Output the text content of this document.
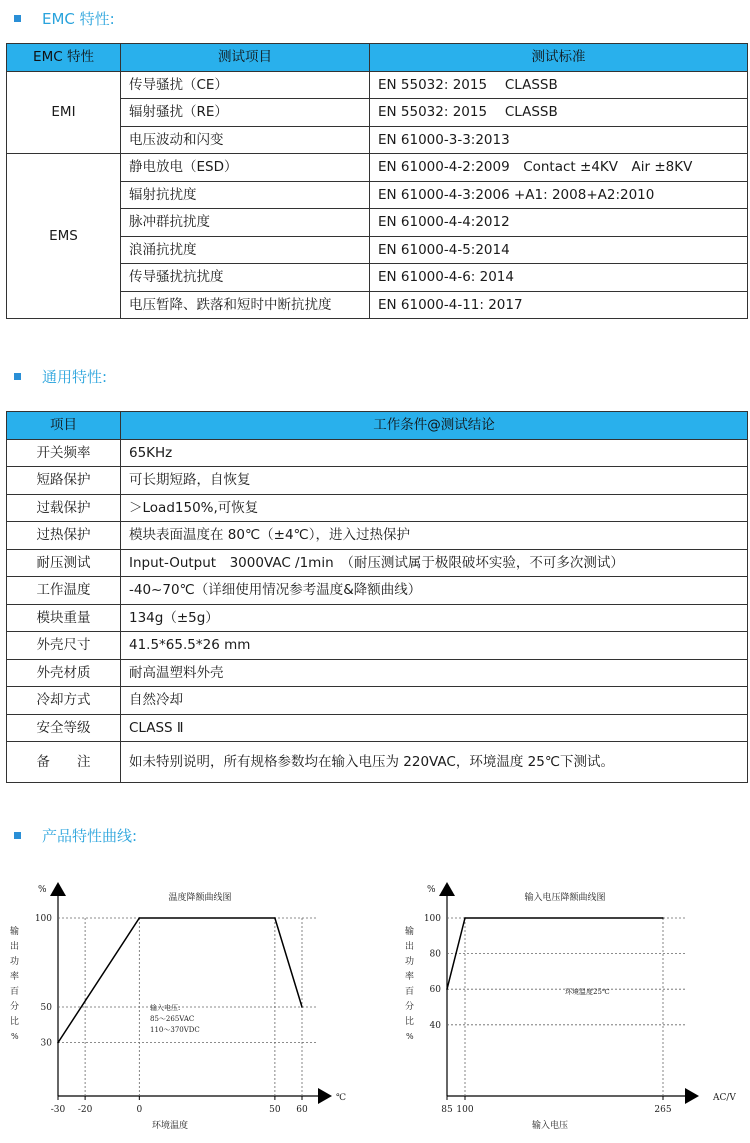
EMC 特性:
EMC 特性	测试项目	测试标准
EMI	传导骚扰（CE）	EN 55032: 2015　 CLASSB
	辐射骚扰（RE）	EN 55032: 2015　 CLASSB
	电压波动和闪变	EN 61000-3-3:2013
EMS	静电放电（ESD）	EN 61000-4-2:2009　Contact ±4KV　Air ±8KV
	辐射抗扰度	EN 61000-4-3:2006 +A1: 2008+A2:2010
	脉冲群抗扰度	EN 61000-4-4:2012
	浪涌抗扰度	EN 61000-4-5:2014
	传导骚扰抗扰度	EN 61000-4-6: 2014
	电压暂降、跌落和短时中断抗扰度	EN 61000-4-11: 2017
通用特性:
项目	工作条件@测试结论
开关频率	65KHz
短路保护	可长期短路，自恢复
过载保护	＞Load150%,可恢复
过热保护	模块表面温度在 80℃（±4℃），进入过热保护
耐压测试	Input-Output　3000VAC /1min　（耐压测试属于极限破坏实验，不可多次测试）
工作温度	-40~70℃（详细使用情况参考温度&降额曲线）
模块重量	134g（±5g）
外壳尺寸	41.5*65.5*26 mm
外壳材质	耐高温塑料外壳
冷却方式	自然冷却
安全等级	CLASS Ⅱ
备　　注	如未特别说明，所有规格参数均在输入电压为 220VAC，环境温度 25℃下测试。
产品特性曲线:
温度降额曲线图
℃
%
输
出
功
率
百
分
比
%
环境温度
30
50
100
-30 -20	0	50 60
输入电压:
85～265VAC
110～370VDC
输入电压降额曲线图
AC/V
%
输
出
功
率
百
分
比
%
输入电压
40
60
80
100
85 100	265
环境温度25℃
